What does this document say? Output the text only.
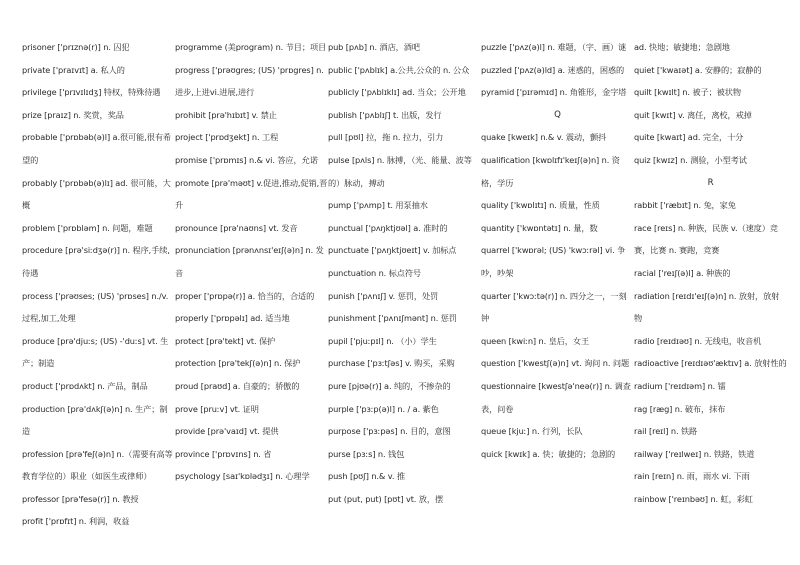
prisoner ['prɪznə(r)] n. 囚犯
private ['praɪvɪt] a. 私人的
privilege ['prɪvɪlɪdʒ] 特权，特殊待遇
prize [praɪz] n. 奖赏，奖品
probable ['prɒbəb(ə)l] a.很可能,很有希望的
probably ['prɒbəb(ə)lɪ] ad. 很可能，大概
problem ['prɒbləm] n. 问题，难题
procedure [prə'siːdʒə(r)] n. 程序,手续,待遇
process ['prəʊses; (US) 'prɒses] n./v. 过程,加工,处理
produce [prə'djuːs; (US) -'duːs] vt. 生产；制造
product ['prɒdʌkt] n. 产品，制品
production [prə'dʌkʃ(ə)n] n. 生产；制造
profession [prə'feʃ(ə)n] n.（需要有高等教育学位的）职业（如医生或律师）
professor [prə'fesə(r)] n. 教授
profit ['prɒfɪt] n. 利润，收益
programme (美program) n. 节目；项目
progress ['prəʊgres; (US) 'prɒgres] n.进步,上进vi.进展,进行
prohibit [prə'hɪbɪt] v. 禁止
project ['prɒdʒekt] n. 工程
promise ['prɒmɪs] n.& vi. 答应，允诺
promote [prə'məʊt] v.促进,推动,促销,晋升
pronounce [prə'naʊns] vt. 发音
pronunciation [prənʌnsɪ'eɪʃ(ə)n] n. 发音
proper ['prɒpə(r)] a. 恰当的，合适的
properly ['prɒpəlɪ] ad. 适当地
protect [prə'tekt] vt. 保护
protection [prə'tekʃ(ə)n] n. 保护
proud [praʊd] a. 自豪的；骄傲的
prove [pruːv] vt. 证明
provide [prə'vaɪd] vt. 提供
province ['prɒvɪns] n. 省
psychology [saɪ'kɒlədʒɪ] n. 心理学
pub [pʌb] n. 酒店，酒吧
public ['pʌblɪk] a.公共,公众的 n. 公众
publicly ['pʌblɪklɪ] ad. 当众；公开地
publish ['pʌblɪʃ] t. 出版，发行
pull [pʊl] 拉，拖 n. 拉力，引力
pulse [pʌls] n. 脉搏，（光、能量、波等的）脉动，搏动
pump ['pʌmp] t. 用泵抽水
punctual ['pʌŋktjʊəl] a. 准时的
punctuate ['pʌŋktjʊeɪt] v. 加标点
punctuation n. 标点符号
punish ['pʌnɪʃ] v. 惩罚，处罚
punishment ['pʌnɪʃmənt] n. 惩罚
pupil ['pjuːpɪl] n. （小）学生
purchase ['pɜːtʃəs] v. 购买，采购
pure [pjʊə(r)] a. 纯的，不掺杂的
purple ['pɜːp(ə)l] n. / a. 紫色
purpose ['pɜːpəs] n. 目的，意图
purse [pɜːs] n. 钱包
push [pʊʃ] n.& v. 推
put (put, put) [pʊt] vt. 放，摆
puzzle ['pʌz(ə)l] n. 难题，（字、画）谜
puzzled ['pʌz(ə)ld] a. 迷惑的，困惑的
pyramid ['pɪrəmɪd] n. 角锥形，金字塔
Q
quake [kweɪk] n.& v. 震动，颤抖
qualification [kwɒlɪfɪ'keɪʃ(ə)n] n. 资格，学历
quality ['kwɒlɪtɪ] n. 质量，性质
quantity ['kwɒntətɪ] n. 量，数
quarrel ['kwɒrəl; (US) 'kwɔːrəl] vi. 争吵，吵架
quarter ['kwɔːtə(r)] n. 四分之一，一刻钟
queen [kwiːn] n. 皇后，女王
question ['kwestʃ(ə)n] vt. 询问 n. 问题
questionnaire [kwestʃə'neə(r)] n. 调查表，问卷
queue [kjuː] n. 行列，长队
quick [kwɪk] a. 快；敏捷的；急剧的
ad. 快地；敏捷地；急剧地
quiet ['kwaɪət] a. 安静的；寂静的
quilt [kwɪlt] n. 被子；被状物
quit [kwɪt] v. 离任，离校，戒掉
quite [kwaɪt] ad. 完全，十分
quiz [kwɪz] n. 测验，小型考试
R
rabbit ['ræbɪt] n. 兔，家兔
race [reɪs] n. 种族，民族 v.（速度）竞赛，比赛 n. 赛跑，竞赛
racial ['reɪʃ(ə)l] a. 种族的
radiation [reɪdɪ'eɪʃ(ə)n] n. 放射，放射物
radio [reɪdɪəʊ] n. 无线电，收音机
radioactive [reɪdɪəʊ'æktɪv] a. 放射性的
radium ['reɪdɪəm] n. 镭
rag [ræg] n. 破布，抹布
rail [reɪl] n. 铁路
railway ['reɪlweɪ] n. 铁路，铁道
rain [reɪn] n. 雨，雨水 vi. 下雨
rainbow ['reɪnbəʊ] n. 虹，彩虹
